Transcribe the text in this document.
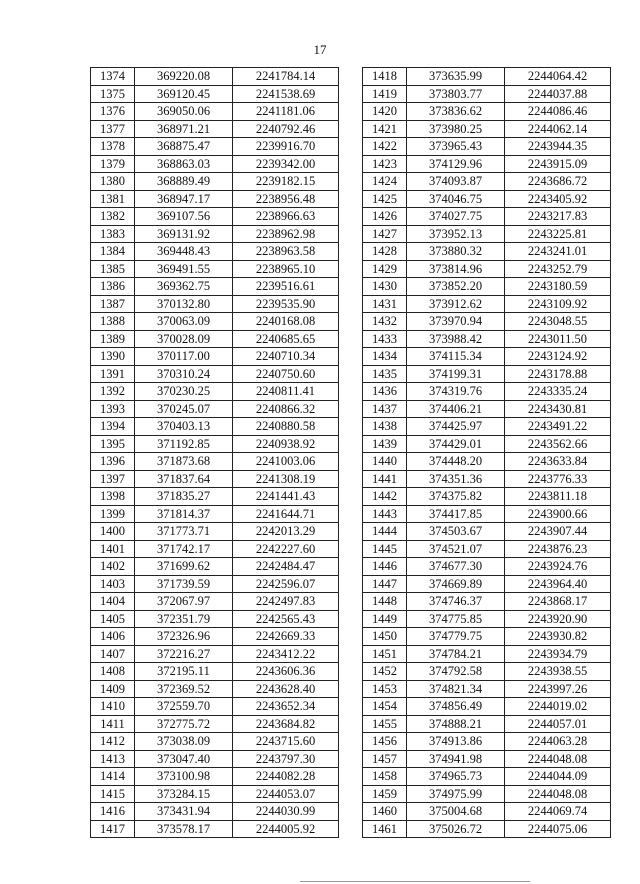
17
1374	369220.08	2241784.14
1375	369120.45	2241538.69
1376	369050.06	2241181.06
1377	368971.21	2240792.46
1378	368875.47	2239916.70
1379	368863.03	2239342.00
1380	368889.49	2239182.15
1381	368947.17	2238956.48
1382	369107.56	2238966.63
1383	369131.92	2238962.98
1384	369448.43	2238963.58
1385	369491.55	2238965.10
1386	369362.75	2239516.61
1387	370132.80	2239535.90
1388	370063.09	2240168.08
1389	370028.09	2240685.65
1390	370117.00	2240710.34
1391	370310.24	2240750.60
1392	370230.25	2240811.41
1393	370245.07	2240866.32
1394	370403.13	2240880.58
1395	371192.85	2240938.92
1396	371873.68	2241003.06
1397	371837.64	2241308.19
1398	371835.27	2241441.43
1399	371814.37	2241644.71
1400	371773.71	2242013.29
1401	371742.17	2242227.60
1402	371699.62	2242484.47
1403	371739.59	2242596.07
1404	372067.97	2242497.83
1405	372351.79	2242565.43
1406	372326.96	2242669.33
1407	372216.27	2243412.22
1408	372195.11	2243606.36
1409	372369.52	2243628.40
1410	372559.70	2243652.34
1411	372775.72	2243684.82
1412	373038.09	2243715.60
1413	373047.40	2243797.30
1414	373100.98	2244082.28
1415	373284.15	2244053.07
1416	373431.94	2244030.99
1417	373578.17	2244005.92
1418	373635.99	2244064.42
1419	373803.77	2244037.88
1420	373836.62	2244086.46
1421	373980.25	2244062.14
1422	373965.43	2243944.35
1423	374129.96	2243915.09
1424	374093.87	2243686.72
1425	374046.75	2243405.92
1426	374027.75	2243217.83
1427	373952.13	2243225.81
1428	373880.32	2243241.01
1429	373814.96	2243252.79
1430	373852.20	2243180.59
1431	373912.62	2243109.92
1432	373970.94	2243048.55
1433	373988.42	2243011.50
1434	374115.34	2243124.92
1435	374199.31	2243178.88
1436	374319.76	2243335.24
1437	374406.21	2243430.81
1438	374425.97	2243491.22
1439	374429.01	2243562.66
1440	374448.20	2243633.84
1441	374351.36	2243776.33
1442	374375.82	2243811.18
1443	374417.85	2243900.66
1444	374503.67	2243907.44
1445	374521.07	2243876.23
1446	374677.30	2243924.76
1447	374669.89	2243964.40
1448	374746.37	2243868.17
1449	374775.85	2243920.90
1450	374779.75	2243930.82
1451	374784.21	2243934.79
1452	374792.58	2243938.55
1453	374821.34	2243997.26
1454	374856.49	2244019.02
1455	374888.21	2244057.01
1456	374913.86	2244063.28
1457	374941.98	2244048.08
1458	374965.73	2244044.09
1459	374975.99	2244048.08
1460	375004.68	2244069.74
1461	375026.72	2244075.06
